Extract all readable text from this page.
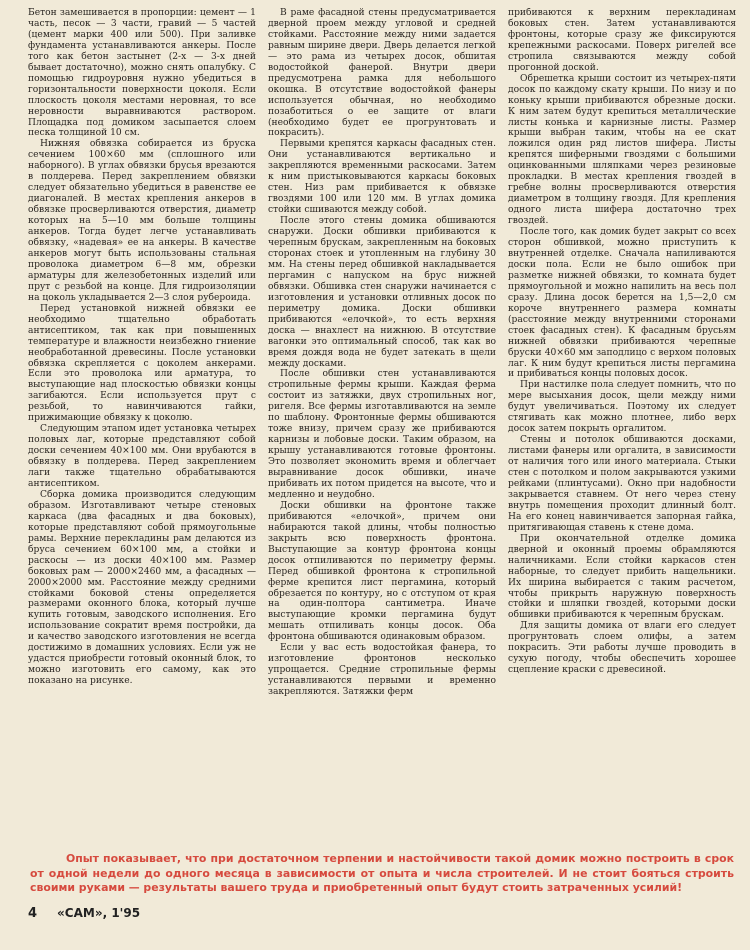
Бетон замешивается в пропорции: цемент — 1 часть, песок — 3 части, гравий — 5 частей (цемент марки 400 или 500). При заливке фундамента устанавливаются анкеры. После того как бетон застынет (2-х — 3-х дней бывает достаточно), можно снять опалубку. С помощью гидроуровня нужно убедиться в горизонтальности поверхности цоколя. Если плоскость цоколя местами неровная, то все неровности выравниваются раствором. Площадка под домиком засыпается слоем песка толщиной 10 см.

Нижняя обвязка собирается из бруска сечением 100×60 мм (сплошного или наборного). В углах обвязки брусья врезаются в полдерева. Перед закреплением обвязки следует обязательно убедиться в равенстве ее диагоналей. В местах крепления анкеров в обвязке просверливаются отверстия, диаметр которых на 5—10 мм больше толщины анкеров. Тогда будет легче устанавливать обвязку, «надевая» ее на анкеры. В качестве анкеров могут быть использованы стальная проволока диаметром 6—8 мм, обрезки арматуры для железобетонных изделий или прут с резьбой на конце. Для гидроизоляции на цоколь укладывается 2—3 слоя рубероида.

Перед установкой нижней обвязки ее необходимо тщательно обработать антисептиком, так как при повышенных температуре и влажности неизбежно гниение необработанной древесины. После установки обвязка скрепляется с цоколем анкерами. Если это проволока или арматура, то выступающие над плоскостью обвязки концы загибаются. Если используется прут с резьбой, то навинчиваются гайки, прижимающие обвязку к цоколю.

Следующим этапом идет установка четырех половых лаг, которые представляют собой доски сечением 40×100 мм. Они врубаются в обвязку в полдерева. Перед закреплением лаги также тщательно обрабатываются антисептиком.

Сборка домика производится следующим образом. Изготавливают четыре стеновых каркаса (два фасадных и два боковых), которые представляют собой прямоугольные рамы. Верхние перекладины рам делаются из бруса сечением 60×100 мм, а стойки и раскосы — из доски 40×100 мм. Размер боковых рам — 2000×2460 мм, а фасадных — 2000×2000 мм. Расстояние между средними стойками боковой стены определяется размерами оконного блока, который лучше купить готовым, заводского исполнения. Его использование сократит время постройки, да и качество заводского изготовления не всегда достижимо в домашних условиях. Если уж не удастся приобрести готовый оконный блок, то можно изготовить его самому, как это показано на рисунке.

В раме фасадной стены предусматривается дверной проем между угловой и средней стойками. Расстояние между ними задается равным ширине двери. Дверь делается легкой — это рама из четырех досок, обшитая водостойкой фанерой. Внутри двери предусмотрена рамка для небольшого окошка. В отсутствие водостойкой фанеры используется обычная, но необходимо позаботиться о ее защите от влаги (необходимо будет ее прогрунтовать и покрасить).

Первыми крепятся каркасы фасадных стен. Они устанавливаются вертикально и закрепляются временными раскосами. Затем к ним пристыковываются каркасы боковых стен. Низ рам прибивается к обвязке гвоздями 100 или 120 мм. В углах домика стойки сшиваются между собой.

После этого стены домика обшиваются снаружи. Доски обшивки прибиваются к черепным брускам, закрепленным на боковых сторонах стоек и утопленным на глубину 30 мм. На стены перед обшивкой накладывается пергамин с напуском на брус нижней обвязки. Обшивка стен снаружи начинается с изготовления и установки отливных досок по периметру домика. Доски обшивки прибиваются «елочкой», то есть верхняя доска — внахлест на нижнюю. В отсутствие вагонки это оптимальный способ, так как во время дождя вода не будет затекать в щели между досками.

После обшивки стен устанавливаются стропильные фермы крыши. Каждая ферма состоит из затяжки, двух стропильных ног, ригеля. Все фермы изготавливаются на земле по шаблону. Фронтонные фермы обшиваются тоже внизу, причем сразу же прибиваются карнизы и лобовые доски. Таким образом, на крышу устанавливаются готовые фронтоны. Это позволяет экономить время и облегчает выравнивание досок обшивки, иначе прибивать их потом придется на высоте, что и медленно и неудобно.

Доски обшивки на фронтоне также прибиваются «елочкой», причем они набираются такой длины, чтобы полностью закрыть всю поверхность фронтона. Выступающие за контур фронтона концы досок отпиливаются по периметру фермы. Перед обшивкой фронтона к стропильной ферме крепится лист пергамина, который обрезается по контуру, но с отступом от края на один-полтора сантиметра. Иначе выступающие кромки пергамина будут мешать отпиливать концы досок. Оба фронтона обшиваются одинаковым образом.

Если у вас есть водостойкая фанера, то изготовление фронтонов несколько упрощается. Средние стропильные фермы устанавливаются первыми и временно закрепляются. Затяжки ферм

прибиваются к верхним перекладинам боковых стен. Затем устанавливаются фронтоны, которые сразу же фиксируются крепежными раскосами. Поверх ригелей все стропила связываются между собой прогонной доской.

Обрешетка крыши состоит из четырех-пяти досок по каждому скату крыши. По низу и по коньку крыши прибиваются обрезные доски. К ним затем будут крепиться металлические листы конька и карнизные листы. Размер крыши выбран таким, чтобы на ее скат ложился один ряд листов шифера. Листы крепятся шиферными гвоздями с большими оцинкованными шляпками через резиновые прокладки. В местах крепления гвоздей в гребне волны просверливаются отверстия диаметром в толщину гвоздя. Для крепления одного листа шифера достаточно трех гвоздей.

После того, как домик будет закрыт со всех сторон обшивкой, можно приступить к внутренней отделке. Сначала напиливаются доски пола. Если не было ошибок при разметке нижней обвязки, то комната будет прямоугольной и можно напилить на весь пол сразу. Длина досок берется на 1,5—2,0 см короче внутреннего размера комнаты (расстояние между внутренними сторонами стоек фасадных стен). К фасадным брусьям нижней обвязки прибиваются черепные бруски 40×60 мм заподлицо с верхом половых лаг. К ним будут крепиться листы пергамина и прибиваться концы половых досок.

При настилке пола следует помнить, что по мере высыхания досок, щели между ними будут увеличиваться. Поэтому их следует стягивать как можно плотнее, либо верх досок затем покрыть оргалитом.

Стены и потолок обшиваются досками, листами фанеры или оргалита, в зависимости от наличия того или иного материала. Стыки стен с потолком и полом закрываются узкими рейками (плинтусами). Окно при надобности закрывается ставнем. От него через стену внутрь помещения проходит длинный болт. На его конец навинчивается запорная гайка, притягивающая ставень к стене дома.

При окончательной отделке домика дверной и оконный проемы обрамляются наличниками. Если стойки каркасов стен наборные, то следует прибить нащельники. Их ширина выбирается с таким расчетом, чтобы прикрыть наружную поверхность стойки и шляпки гвоздей, которыми доски обшивки прибиваются к черепным брускам.

Для защиты домика от влаги его следует прогрунтовать слоем олифы, а затем покрасить. Эти работы лучше проводить в сухую погоду, чтобы обеспечить хорошее сцепление краски с древесиной.

Опыт показывает, что при достаточном терпении и настойчивости такой домик можно построить в срок от одной недели до одного месяца в зависимости от опыта и числа строителей. И не стоит бояться строить своими руками — результаты вашего труда и приобретенный опыт будут стоить затраченных усилий!
4 «САМ», 1'95
